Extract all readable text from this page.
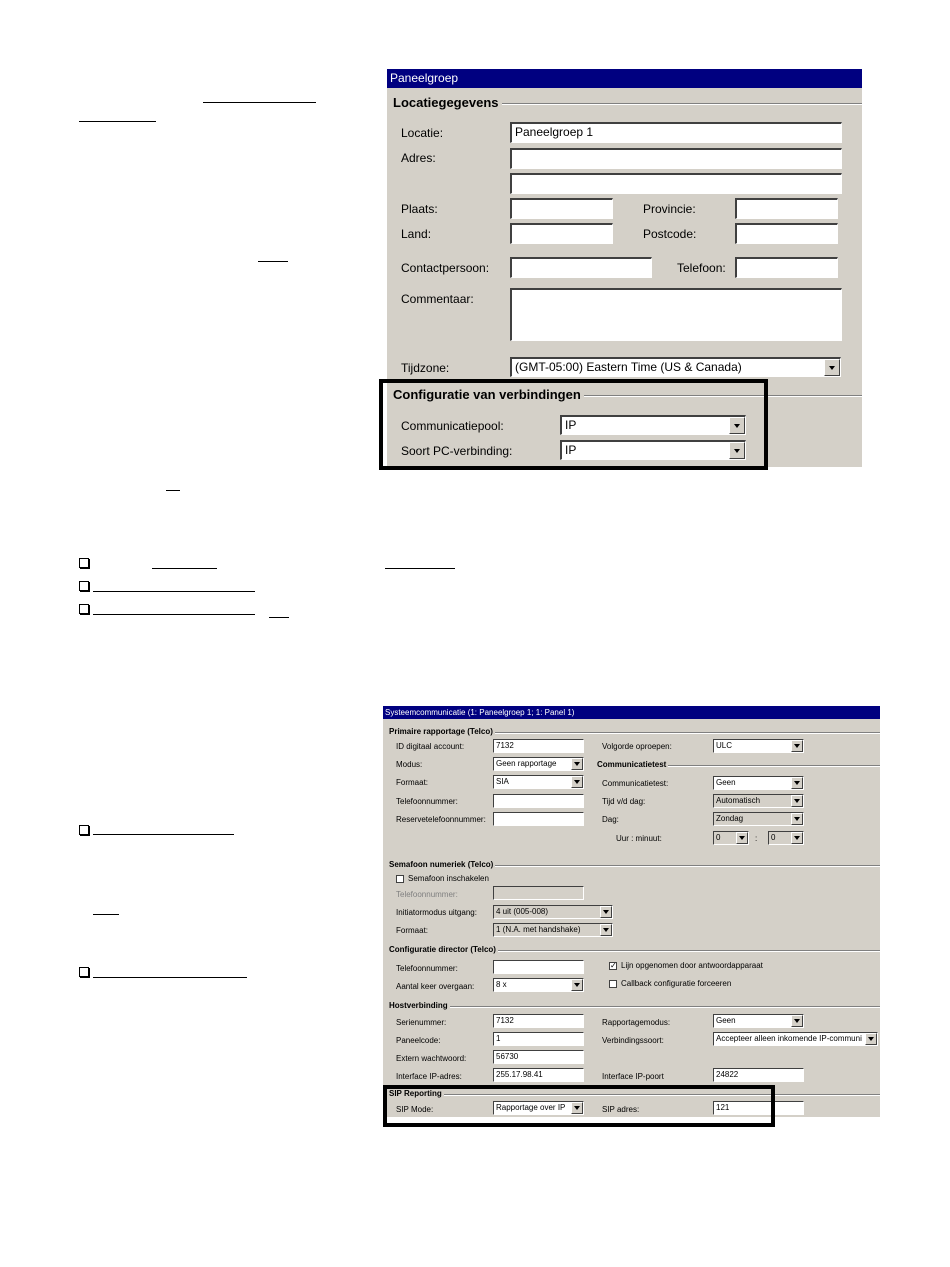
Paneelgroep
Locatiegegevens
Locatie:	Paneelgroep 1
Adres:
Plaats:	Provincie:
Land:	Postcode:
Contactpersoon:	Telefoon:
Commentaar:
Tijdzone:	(GMT-05:00) Eastern Time (US & Canada)
Configuratie van verbindingen
Communicatiepool:	IP
Soort PC-verbinding:	IP
Systeemcommunicatie (1: Paneelgroep 1; 1: Panel 1)
Primaire rapportage (Telco)
ID digitaal account:	7132
Modus:	Geen rapportage
Formaat:	SIA
Telefoonnummer:
Reservetelefoonnummer:
Volgorde oproepen:	ULC
Communicatietest
Communicatietest:	Geen
Tijd v/d dag:	Automatisch
Dag:	Zondag
Uur : minuut:	0	:	0
Semafoon numeriek (Telco)
Semafoon inschakelen
Telefoonnummer:
Initiatormodus uitgang:	4 uit (005-008)
Formaat:	1 (N.A. met handshake)
Configuratie director (Telco)
Telefoonnummer:
Aantal keer overgaan:	8 x
✓ Lijn opgenomen door antwoordapparaat
Callback configuratie forceeren
Hostverbinding
Serienummer:	7132
Paneelcode:	1
Extern wachtwoord:	56730
Interface IP-adres:	255.17.98.41
Rapportagemodus:	Geen
Verbindingssoort:	Accepteer alleen inkomende IP-communi
Interface IP-poort	24822
SIP Reporting
SIP Mode:	Rapportage over IP	SIP adres:	121
